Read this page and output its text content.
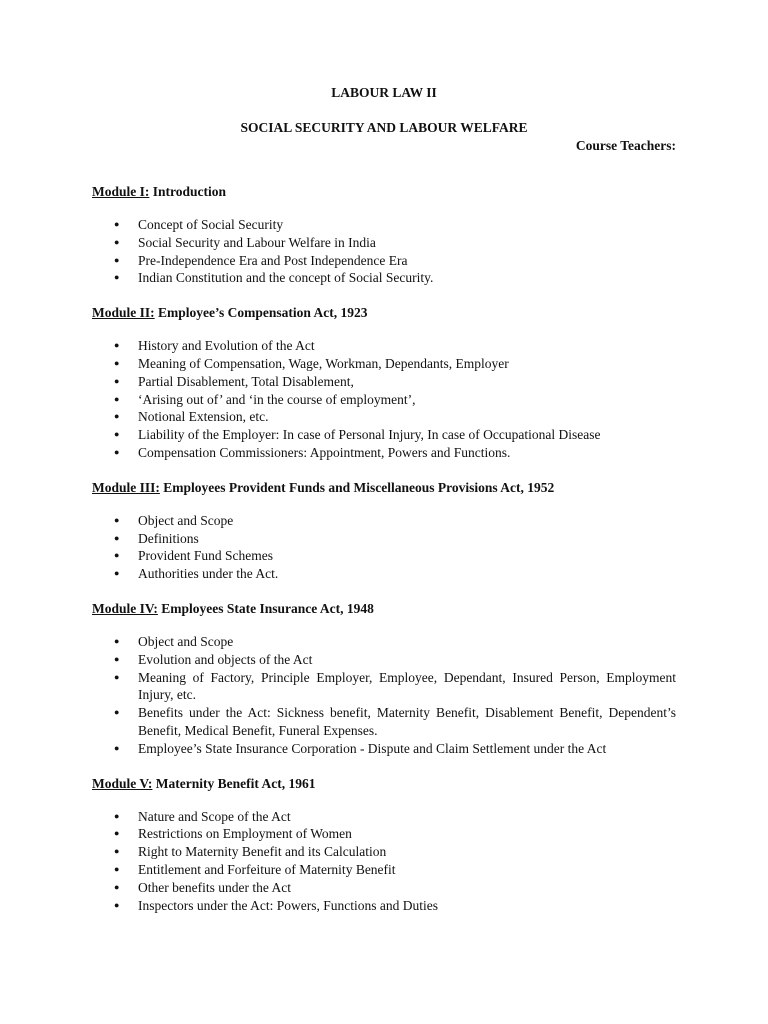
LABOUR LAW II

SOCIAL SECURITY AND LABOUR WELFARE

Course Teachers:

Module I: Introduction

● Concept of Social Security
● Social Security and Labour Welfare in India
● Pre-Independence Era and Post Independence Era
● Indian Constitution and the concept of Social Security.

Module II: Employee’s Compensation Act, 1923

● History and Evolution of the Act
● Meaning of Compensation, Wage, Workman, Dependants, Employer
● Partial Disablement, Total Disablement,
● ‘Arising out of’ and ‘in the course of employment’,
● Notional Extension, etc.
● Liability of the Employer: In case of Personal Injury, In case of Occupational Disease
● Compensation Commissioners: Appointment, Powers and Functions.

Module III: Employees Provident Funds and Miscellaneous Provisions Act, 1952

● Object and Scope
● Definitions
● Provident Fund Schemes
● Authorities under the Act.

Module IV: Employees State Insurance Act, 1948

● Object and Scope
● Evolution and objects of the Act
● Meaning of Factory, Principle Employer, Employee, Dependant, Insured Person, Employment Injury, etc.
● Benefits under the Act: Sickness benefit, Maternity Benefit, Disablement Benefit, Dependent’s Benefit, Medical Benefit, Funeral Expenses.
● Employee’s State Insurance Corporation - Dispute and Claim Settlement under the Act

Module V: Maternity Benefit Act, 1961

● Nature and Scope of the Act
● Restrictions on Employment of Women
● Right to Maternity Benefit and its Calculation
● Entitlement and Forfeiture of Maternity Benefit
● Other benefits under the Act
● Inspectors under the Act: Powers, Functions and Duties
